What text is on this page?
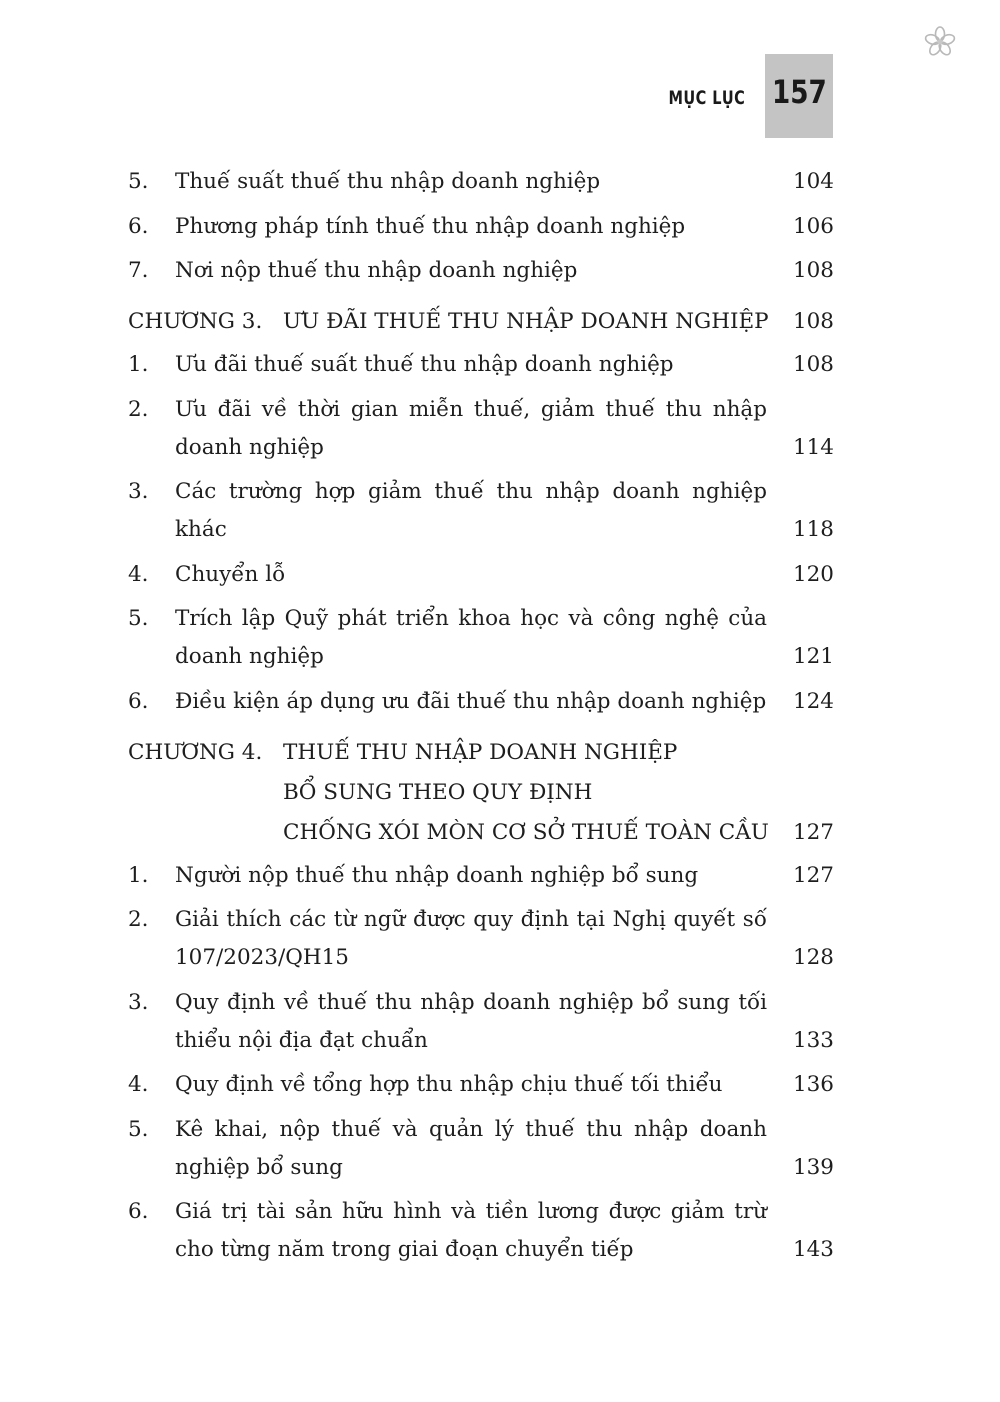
MỤC LỤC 157
5.	Thuế suất thuế thu nhập doanh nghiệp	104
6.	Phương pháp tính thuế thu nhập doanh nghiệp	106
7.	Nơi nộp thuế thu nhập doanh nghiệp	108
CHƯƠNG 3. ƯU ĐÃI THUẾ THU NHẬP DOANH NGHIỆP	108
1.	Ưu đãi thuế suất thuế thu nhập doanh nghiệp	108
2.	Ưu đãi về thời gian miễn thuế, giảm thuế thu nhập doanh nghiệp	114
3.	Các trường hợp giảm thuế thu nhập doanh nghiệp khác	118
4.	Chuyển lỗ	120
5.	Trích lập Quỹ phát triển khoa học và công nghệ của doanh nghiệp	121
6.	Điều kiện áp dụng ưu đãi thuế thu nhập doanh nghiệp	124
CHƯƠNG 4. THUẾ THU NHẬP DOANH NGHIỆP
BỔ SUNG THEO QUY ĐỊNH
CHỐNG XÓI MÒN CƠ SỞ THUẾ TOÀN CẦU	127
1.	Người nộp thuế thu nhập doanh nghiệp bổ sung	127
2.	Giải thích các từ ngữ được quy định tại Nghị quyết số 107/2023/QH15	128
3.	Quy định về thuế thu nhập doanh nghiệp bổ sung tối thiểu nội địa đạt chuẩn	133
4.	Quy định về tổng hợp thu nhập chịu thuế tối thiểu	136
5.	Kê khai, nộp thuế và quản lý thuế thu nhập doanh nghiệp bổ sung	139
6.	Giá trị tài sản hữu hình và tiền lương được giảm trừ cho từng năm trong giai đoạn chuyển tiếp	143
